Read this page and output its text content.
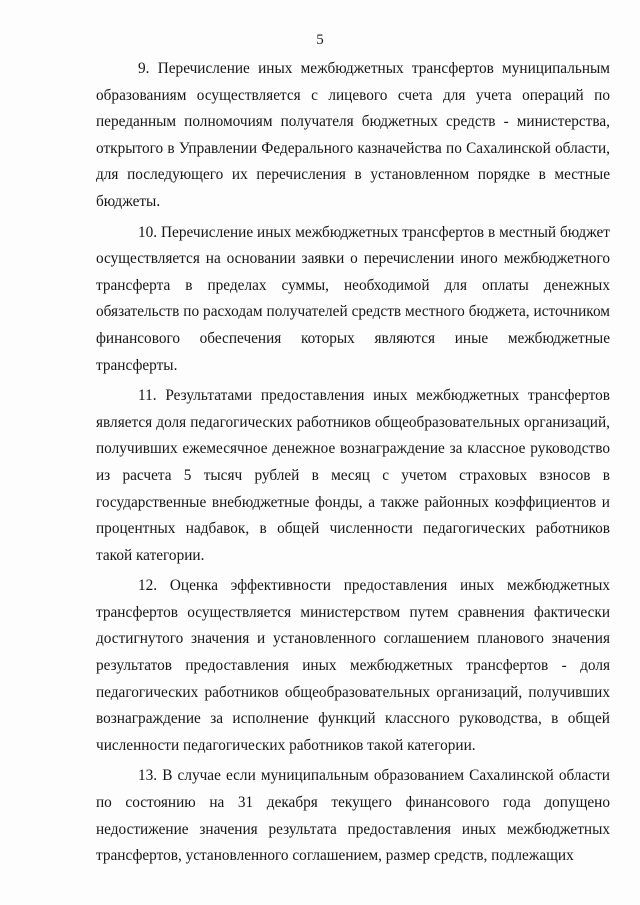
5

9. Перечисление иных межбюджетных трансфертов муниципальным образованиям осуществляется с лицевого счета для учета операций по переданным полномочиям получателя бюджетных средств - министерства, открытого в Управлении Федерального казначейства по Сахалинской области, для последующего их перечисления в установленном порядке в местные бюджеты.

10. Перечисление иных межбюджетных трансфертов в местный бюджет осуществляется на основании заявки о перечислении иного межбюджетного трансферта в пределах суммы, необходимой для оплаты денежных обязательств по расходам получателей средств местного бюджета, источником финансового обеспечения которых являются иные межбюджетные трансферты.

11. Результатами предоставления иных межбюджетных трансфертов является доля педагогических работников общеобразовательных организаций, получивших ежемесячное денежное вознаграждение за классное руководство из расчета 5 тысяч рублей в месяц с учетом страховых взносов в государственные внебюджетные фонды, а также районных коэффициентов и процентных надбавок, в общей численности педагогических работников такой категории.

12. Оценка эффективности предоставления иных межбюджетных трансфертов осуществляется министерством путем сравнения фактически достигнутого значения и установленного соглашением планового значения результатов предоставления иных межбюджетных трансфертов - доля педагогических работников общеобразовательных организаций, получивших вознаграждение за исполнение функций классного руководства, в общей численности педагогических работников такой категории.

13. В случае если муниципальным образованием Сахалинской области по состоянию на 31 декабря текущего финансового года допущено недостижение значения результата предоставления иных межбюджетных трансфертов, установленного соглашением, размер средств, подлежащих
